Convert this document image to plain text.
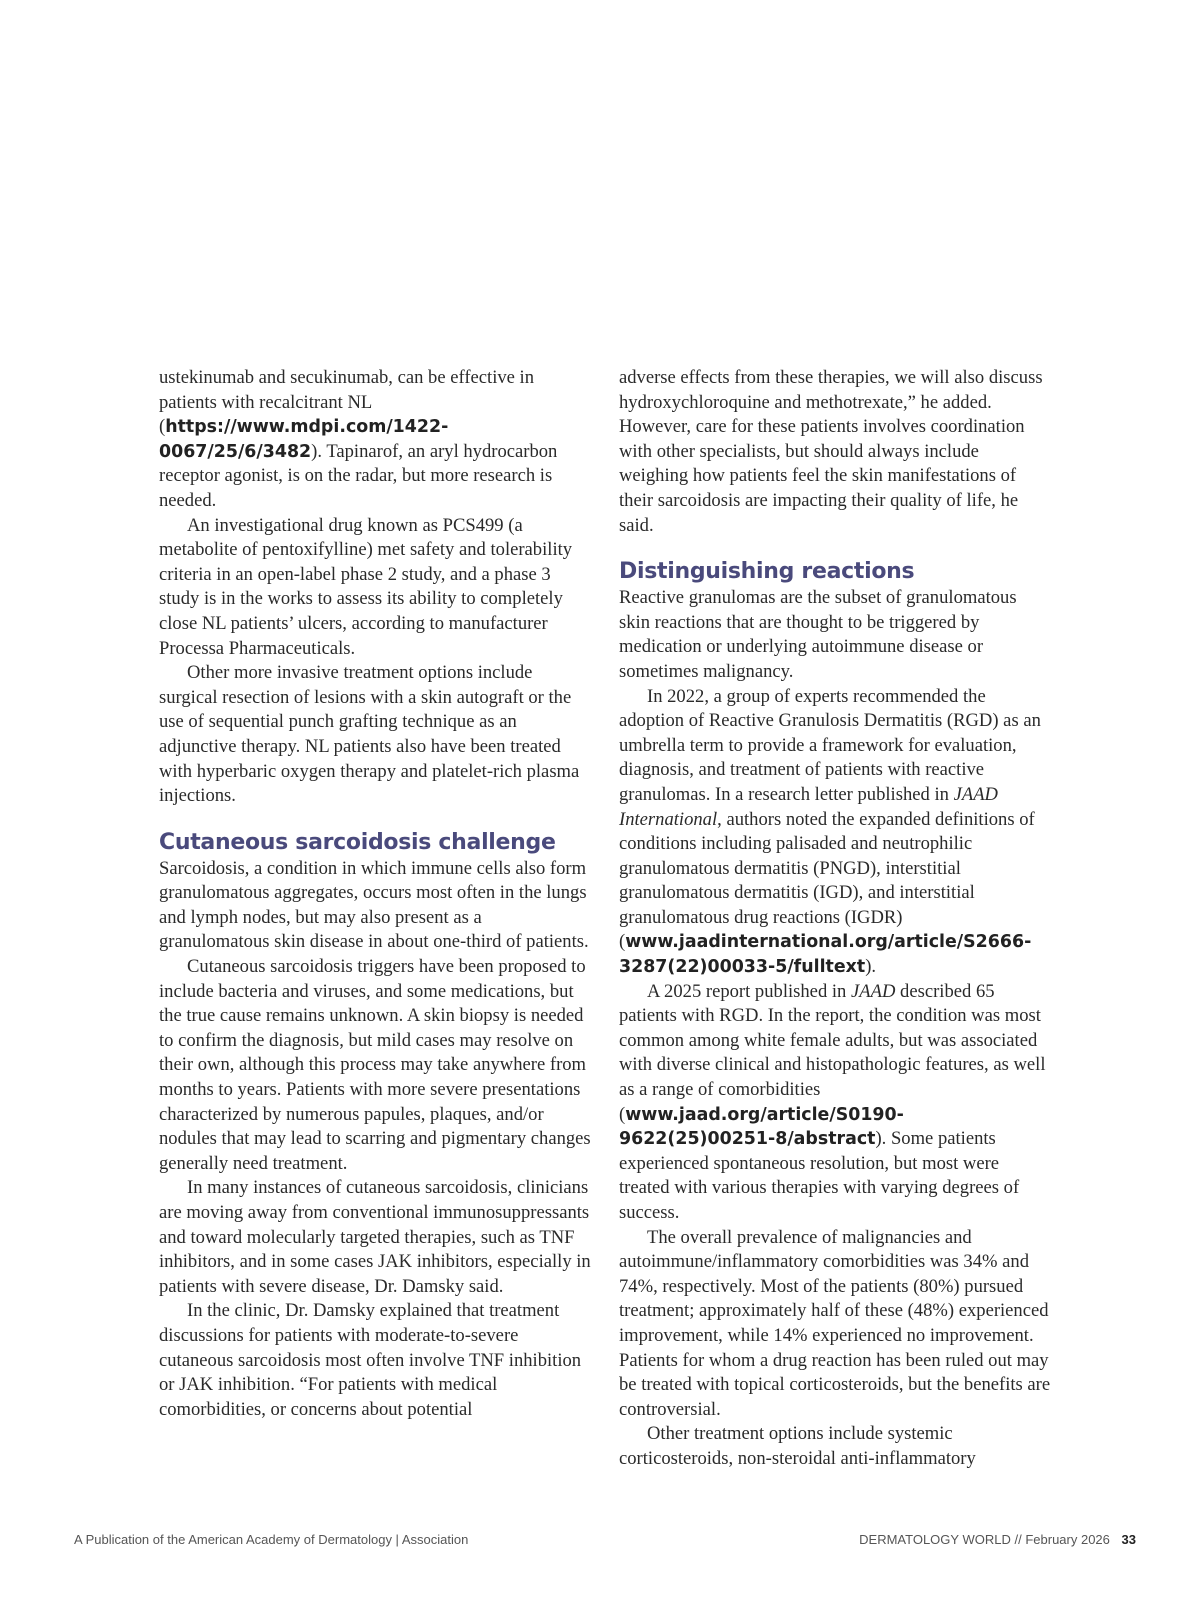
ustekinumab and secukinumab, can be effective in patients with recalcitrant NL (https://www.mdpi.com/1422-0067/25/6/3482). Tapinarof, an aryl hydrocarbon receptor agonist, is on the radar, but more research is needed.

An investigational drug known as PCS499 (a metabolite of pentoxifylline) met safety and tolerability criteria in an open-label phase 2 study, and a phase 3 study is in the works to assess its ability to completely close NL patients’ ulcers, according to manufacturer Processa Pharmaceuticals.

Other more invasive treatment options include surgical resection of lesions with a skin autograft or the use of sequential punch grafting technique as an adjunctive therapy. NL patients also have been treated with hyperbaric oxygen therapy and platelet-rich plasma injections.

Cutaneous sarcoidosis challenge

Sarcoidosis, a condition in which immune cells also form granulomatous aggregates, occurs most often in the lungs and lymph nodes, but may also present as a granulomatous skin disease in about one-third of patients.

Cutaneous sarcoidosis triggers have been proposed to include bacteria and viruses, and some medications, but the true cause remains unknown. A skin biopsy is needed to confirm the diagnosis, but mild cases may resolve on their own, although this process may take anywhere from months to years. Patients with more severe presentations characterized by numerous papules, plaques, and/or nodules that may lead to scarring and pigmentary changes generally need treatment.

In many instances of cutaneous sarcoidosis, clinicians are moving away from conventional immunosuppressants and toward molecularly targeted therapies, such as TNF inhibitors, and in some cases JAK inhibitors, especially in patients with severe disease, Dr. Damsky said.

In the clinic, Dr. Damsky explained that treatment discussions for patients with moderate-to-severe cutaneous sarcoidosis most often involve TNF inhibition or JAK inhibition. “For patients with medical comorbidities, or concerns about potential

adverse effects from these therapies, we will also discuss hydroxychloroquine and methotrexate,” he added. However, care for these patients involves coordination with other specialists, but should always include weighing how patients feel the skin manifestations of their sarcoidosis are impacting their quality of life, he said.

Distinguishing reactions

Reactive granulomas are the subset of granulomatous skin reactions that are thought to be triggered by medication or underlying autoimmune disease or sometimes malignancy.

In 2022, a group of experts recommended the adoption of Reactive Granulosis Dermatitis (RGD) as an umbrella term to provide a framework for evaluation, diagnosis, and treatment of patients with reactive granulomas. In a research letter published in JAAD International, authors noted the expanded definitions of conditions including palisaded and neutrophilic granulomatous dermatitis (PNGD), interstitial granulomatous dermatitis (IGD), and interstitial granulomatous drug reactions (IGDR) (www.jaadinternational.org/article/S2666-3287(22)00033-5/fulltext).

A 2025 report published in JAAD described 65 patients with RGD. In the report, the condition was most common among white female adults, but was associated with diverse clinical and histopathologic features, as well as a range of comorbidities (www.jaad.org/article/S0190-9622(25)00251-8/abstract). Some patients experienced spontaneous resolution, but most were treated with various therapies with varying degrees of success.

The overall prevalence of malignancies and autoimmune/inflammatory comorbidities was 34% and 74%, respectively. Most of the patients (80%) pursued treatment; approximately half of these (48%) experienced improvement, while 14% experienced no improvement. Patients for whom a drug reaction has been ruled out may be treated with topical corticosteroids, but the benefits are controversial.

Other treatment options include systemic corticosteroids, non-steroidal anti-inflammatory

A Publication of the American Academy of Dermatology | Association	DERMATOLOGY WORLD // February 2026 33
